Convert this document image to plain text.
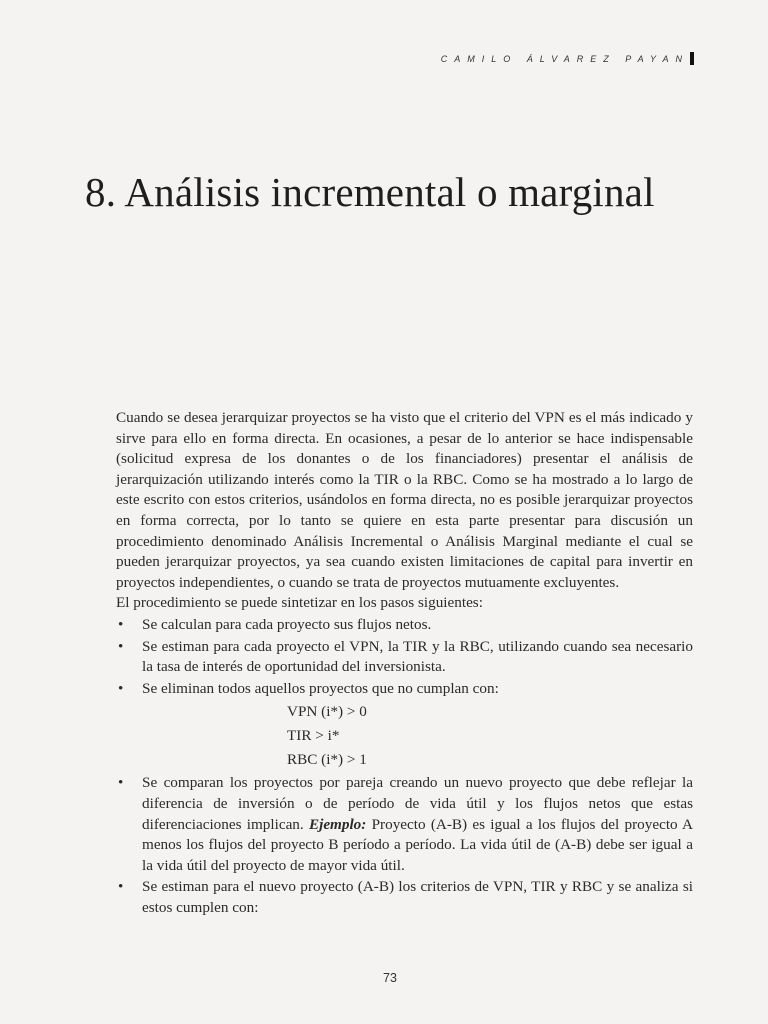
CAMILO ÁLVAREZ PAYAN
8. Análisis incremental o marginal

Cuando se desea jerarquizar proyectos se ha visto que el criterio del VPN es el más indicado y sirve para ello en forma directa. En ocasiones, a pesar de lo anterior se hace indispensable (solicitud expresa de los donantes o de los financiadores) presentar el análisis de jerarquización utilizando interés como la TIR o la RBC. Como se ha mostrado a lo largo de este escrito con estos criterios, usándolos en forma directa, no es posible jerarquizar proyectos en forma correcta, por lo tanto se quiere en esta parte presentar para discusión un procedimiento denominado Análisis Incremental o Análisis Marginal mediante el cual se pueden jerarquizar proyectos, ya sea cuando existen limitaciones de capital para invertir en proyectos independientes, o cuando se trata de proyectos mutuamente excluyentes.

El procedimiento se puede sintetizar en los pasos siguientes:

• Se calculan para cada proyecto sus flujos netos.
• Se estiman para cada proyecto el VPN, la TIR y la RBC, utilizando cuando sea necesario la tasa de interés de oportunidad del inversionista.
• Se eliminan todos aquellos proyectos que no cumplan con:
VPN (i*) > 0
TIR > i*
RBC (i*) > 1
• Se comparan los proyectos por pareja creando un nuevo proyecto que debe reflejar la diferencia de inversión o de período de vida útil y los flujos netos que estas diferenciaciones implican. Ejemplo: Proyecto (A-B) es igual a los flujos del proyecto A menos los flujos del proyecto B período a período. La vida útil de (A-B) debe ser igual a la vida útil del proyecto de mayor vida útil.
• Se estiman para el nuevo proyecto (A-B) los criterios de VPN, TIR y RBC y se analiza si estos cumplen con:
73
